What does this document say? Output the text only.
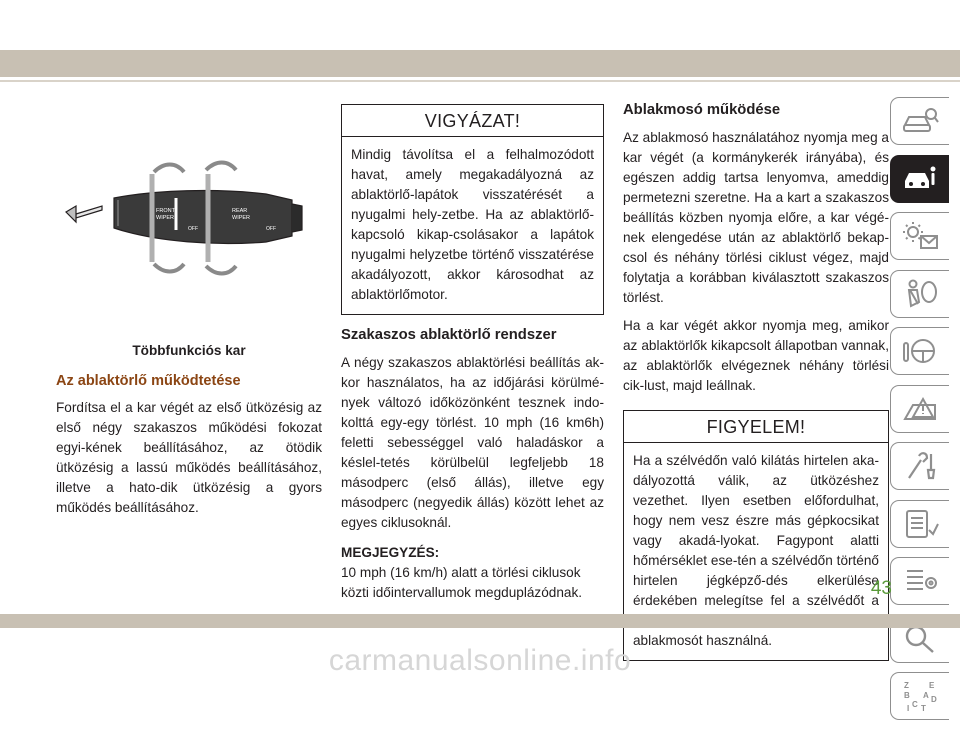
FRONT
WIPER
REAR
WIPER
OFF	OFF
Többfunkciós kar
Az ablaktörlő működtetése

Fordítsa el a kar végét az első ütközésig az első négy szakaszos működési fokozat egyi-kének beállításához, az ötödik ütközésig a lassú működés beállításához, illetve a hato-dik ütközésig a gyors működés beállításához.

VIGYÁZAT!
Mindig távolítsa el a felhalmozódott havat, amely megakadályozná az ablaktörlő-lapátok visszatérését a nyugalmi hely-zetbe. Ha az ablaktörlő-kapcsoló kikap-csolásakor a lapátok nyugalmi helyzetbe történő visszatérése akadályozott, akkor károsodhat az ablaktörlőmotor.
Szakaszos ablaktörlő rendszer

A négy szakaszos ablaktörlési beállítás ak-kor használatos, ha az időjárási körülmé-nyek változó időközönként tesznek indo-kolttá egy-egy törlést. 10 mph (16 km6h) feletti sebességgel való haladáskor a késlel-tetés körülbelül legfeljebb 18 másodperc (első állás), illetve egy másodperc (negyedik állás) között lehet az egyes ciklusoknál.

MEGJEGYZÉS:

10 mph (16 km/h) alatt a törlési ciklusok közti időintervallumok megduplázódnak.

Ablakmosó működése

Az ablakmosó használatához nyomja meg a kar végét (a kormánykerék irányába), és egészen addig tartsa lenyomva, ameddig permetezni szeretne. Ha a kart a szakaszos beállítás közben nyomja előre, a kar végé-nek elengedése után az ablaktörlő bekap-csol és néhány törlési ciklust végez, majd folytatja a korábban kiválasztott szakaszos törlést.

Ha a kar végét akkor nyomja meg, amikor az ablaktörlők kikapcsolt állapotban vannak, az ablaktörlők elvégeznek néhány törlési cik-lust, majd leállnak.

FIGYELEM!
Ha a szélvédőn való kilátás hirtelen aka-dályozottá válik, az ütközéshez vezethet. Ilyen esetben előfordulhat, hogy nem vesz észre más gépkocsikat vagy akadá-lyokat. Fagypont alatti hőmérséklet ese-tén a szélvédőn történő hirtelen jégképző-dés elkerülése érdekében melegítse fel a szélvédőt a ablakmosót használná.
Z	E
B A
C
D
T
I
43
carmanualsonline.info
